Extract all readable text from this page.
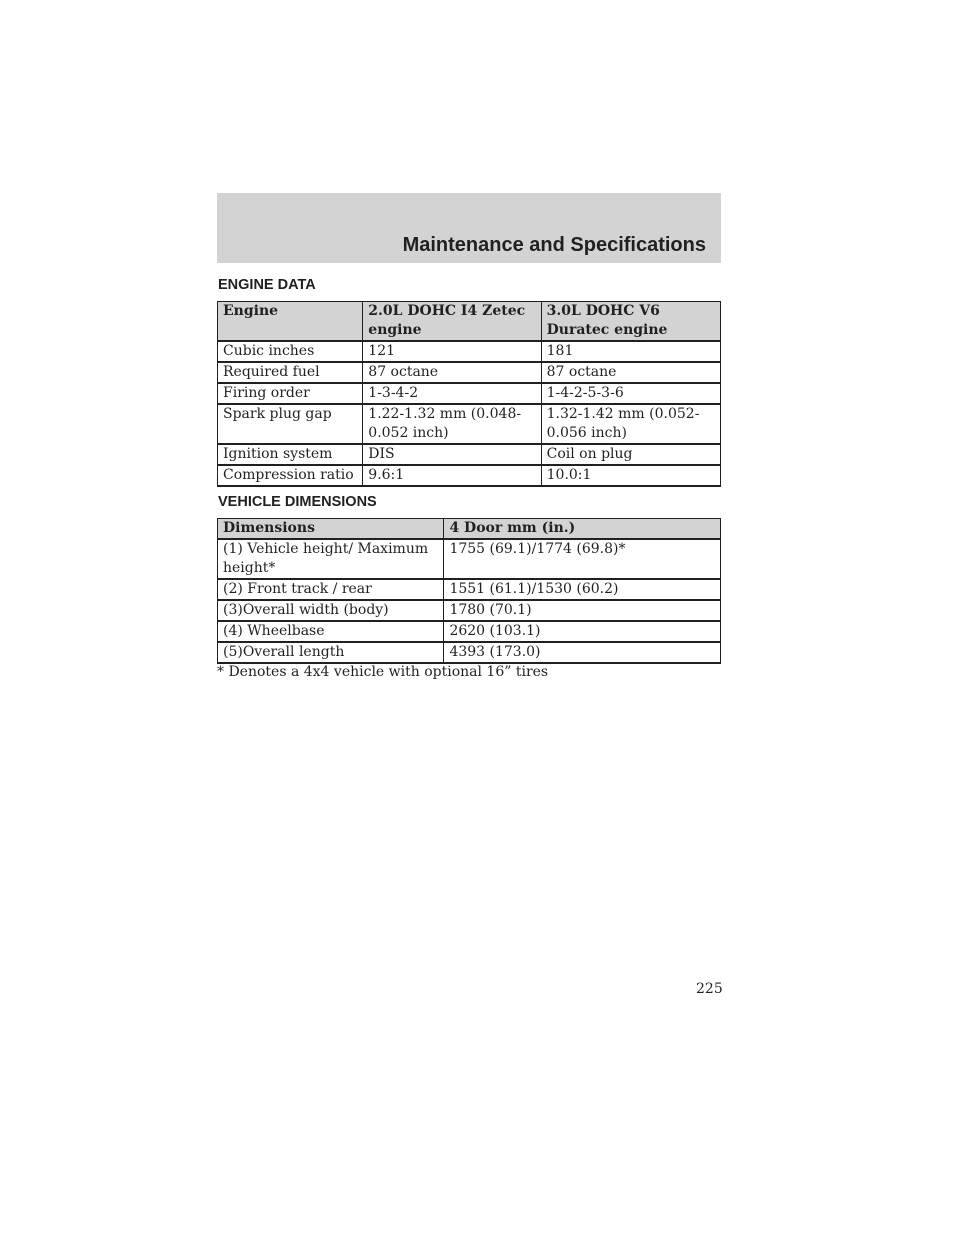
Maintenance and Specifications
ENGINE DATA
Engine	2.0L DOHC I4 Zetec engine	3.0L DOHC V6 Duratec engine
Cubic inches	121	181
Required fuel	87 octane	87 octane
Firing order	1-3-4-2	1-4-2-5-3-6
Spark plug gap	1.22-1.32 mm (0.048-0.052 inch)	1.32-1.42 mm (0.052-0.056 inch)
Ignition system	DIS	Coil on plug
Compression ratio	9.6:1	10.0:1
VEHICLE DIMENSIONS
Dimensions	4 Door mm (in.)
(1) Vehicle height/ Maximum height*	1755 (69.1)/1774 (69.8)*
(2) Front track / rear	1551 (61.1)/1530 (60.2)
(3)Overall width (body)	1780 (70.1)
(4) Wheelbase	2620 (103.1)
(5)Overall length	4393 (173.0)
* Denotes a 4x4 vehicle with optional 16” tires
225
